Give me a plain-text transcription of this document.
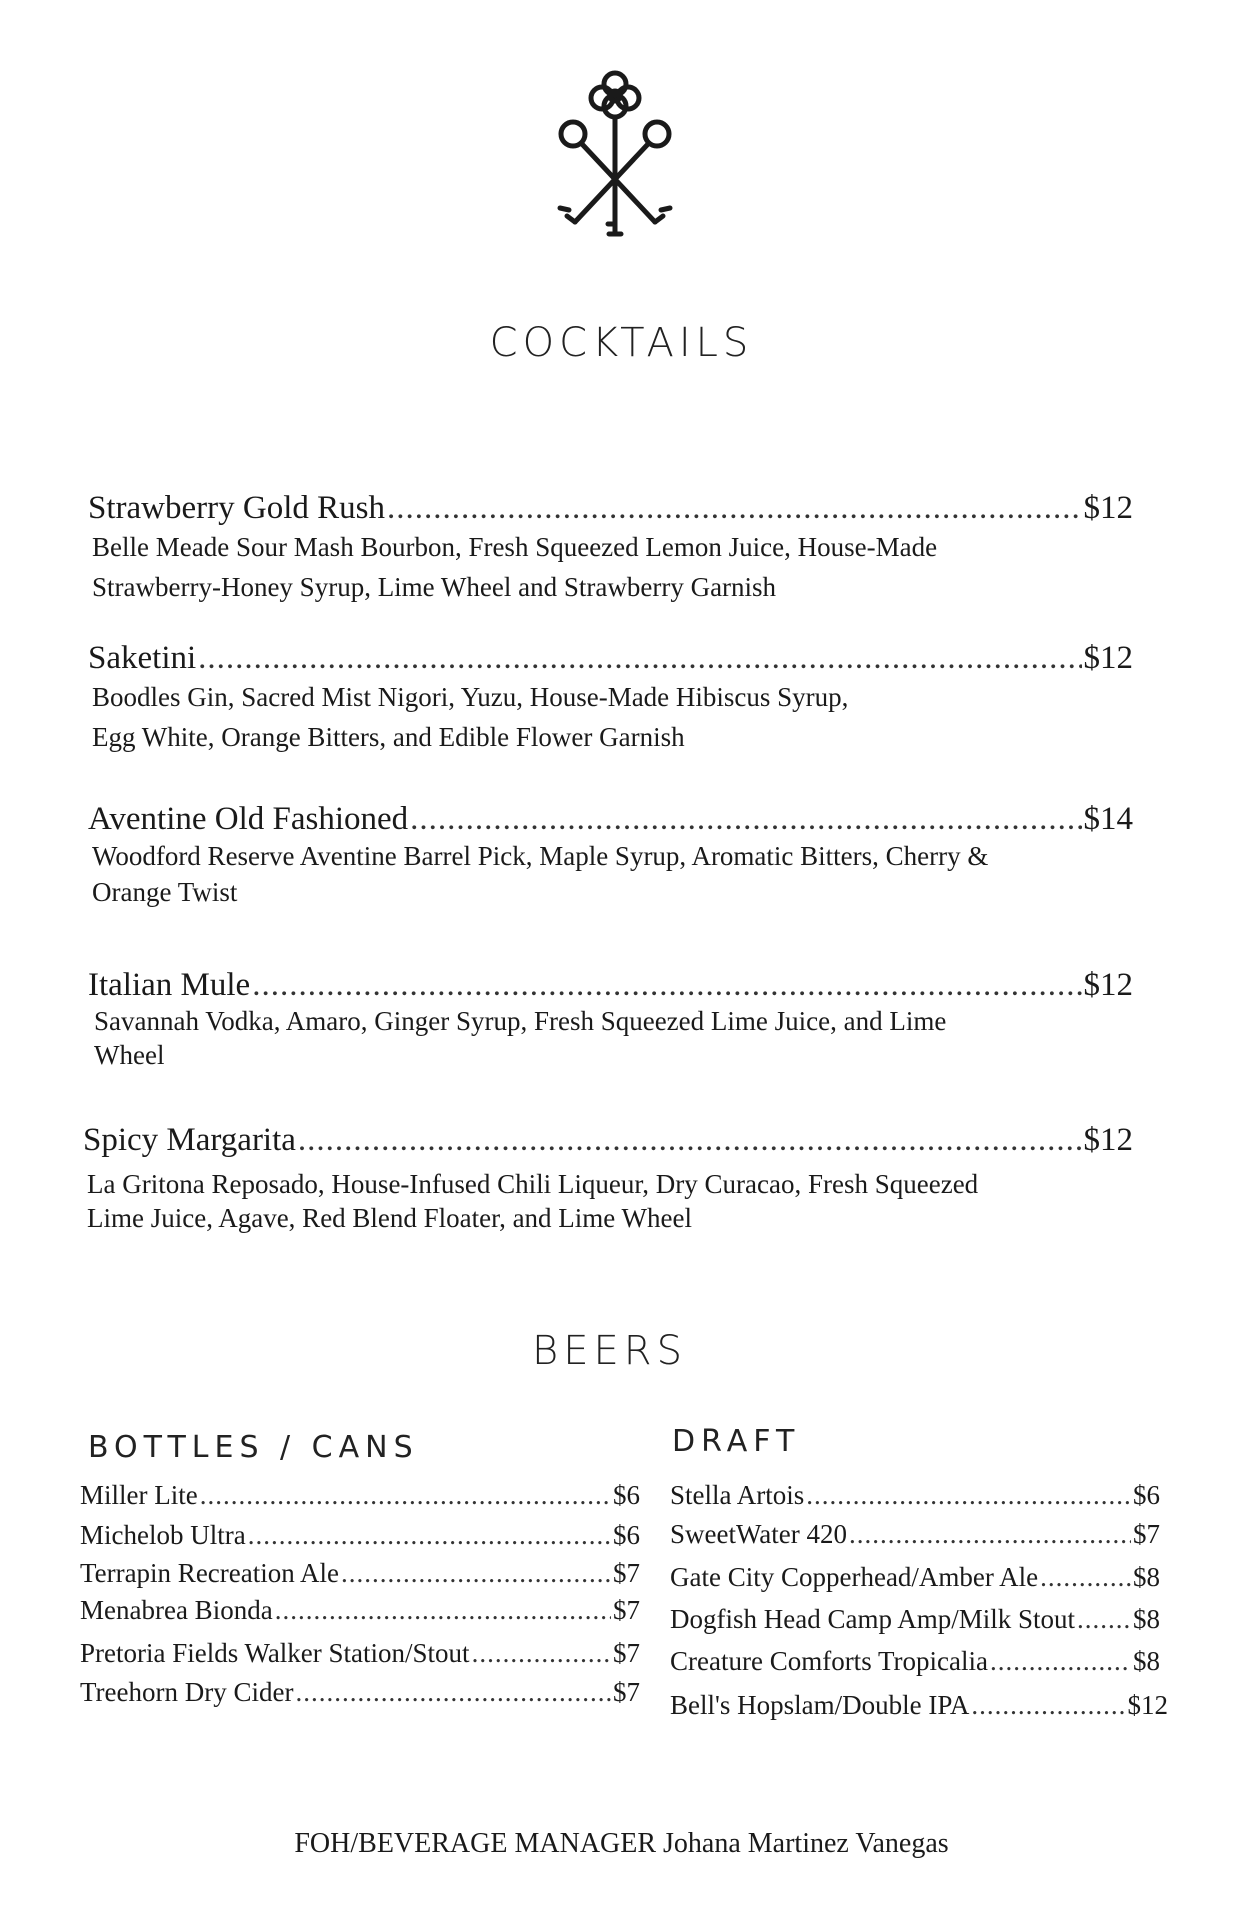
COCKTAILS
Strawberry Gold Rush .....	$12
Belle Meade Sour Mash Bourbon, Fresh Squeezed Lemon Juice, House-Made
Strawberry-Honey Syrup, Lime Wheel and Strawberry Garnish
Saketini .....	$12
Boodles Gin, Sacred Mist Nigori, Yuzu, House-Made Hibiscus Syrup,
Egg White, Orange Bitters, and Edible Flower Garnish
Aventine Old Fashioned .....	$14
Woodford Reserve Aventine Barrel Pick, Maple Syrup, Aromatic Bitters, Cherry &
Orange Twist
Italian Mule .....	$12
Savannah Vodka, Amaro, Ginger Syrup, Fresh Squeezed Lime Juice, and Lime
Wheel
Spicy Margarita .....	$12
La Gritona Reposado, House-Infused Chili Liqueur, Dry Curacao, Fresh Squeezed
Lime Juice, Agave, Red Blend Floater, and Lime Wheel
BEERS
BOTTLES / CANS	DRAFT
Miller Lite .....	$6
Michelob Ultra .....	$6
Terrapin Recreation Ale .....	$7
Menabrea Bionda .....	$7
Pretoria Fields Walker Station/Stout .....	$7
Treehorn Dry Cider .....	$7
Stella Artois .....	$6
SweetWater 420 .....	$7
Gate City Copperhead/Amber Ale .....	$8
Dogfish Head Camp Amp/Milk Stout ..... $8
Creature Comforts Tropicalia .....	$8
Bell's Hopslam/Double IPA .....	$12
FOH/BEVERAGE MANAGER Johana Martinez Vanegas
